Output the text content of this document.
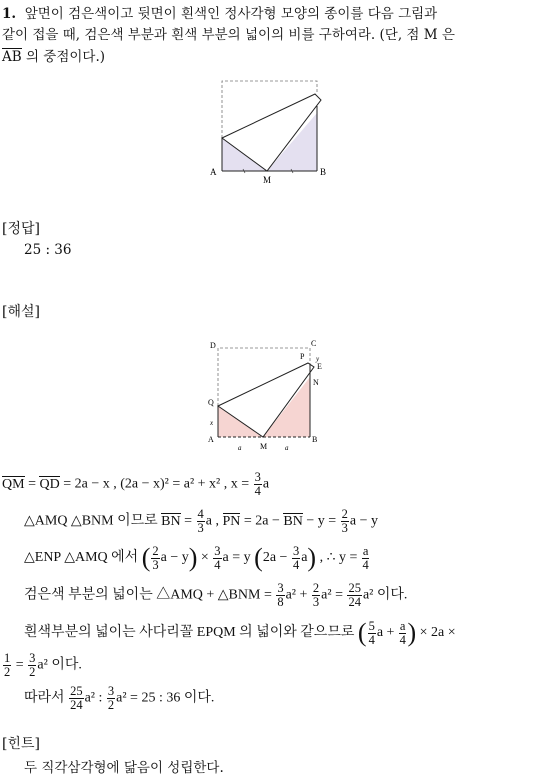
1. 앞면이 검은색이고 뒷면이 흰색인 정사각형 모양의 종이를 다음 그림과
같이 접을 때, 검은색 부분과 흰색 부분의 넓이의 비를 구하여라. (단, 점 M 은
AB 의 중점이다.)
A
M
B
[정답]
25 : 36
[해설]
D	C
P y
E
N
Q
x
A
M
B
a	a
QM = QD = 2a − x , (2a − x)² = a² + x² , $x = \frac{3}{4}$ a
△AMQ △BNM 이므로 BN = $\frac{4}{3}$ a , PN = 2a − BN − $y = \frac{2}{3}$ a − y
△ENP △AMQ 에서 ( $\frac{2}{3}$ $a - y) \times \frac{3}{4}$ a = y $(2a - \frac{3}{4} a)$ , ∴ $y = \frac{a}{4}$
검은색 부분의 넓이는 △AMQ + △BNM = $\frac{3}{8} a^2 + \frac{2}{3} a^2 = \frac{25}{24} a^2$ 이다.
흰색부분의 넓이는 사다리꼴 EPQM 의 넓이와 같으므로 ( $\frac{5}{4}$ $a + \frac{a}{4}$ ) × 2a ×
$\frac{1}{2} = \frac{3}{2} a^2$ 이다.
따라서 $\frac{25}{24} a^2$ : $\frac{3}{2} a^2 = 25$ : 36 이다.
[힌트]
두 직각삼각형에 닮음이 성립한다.
